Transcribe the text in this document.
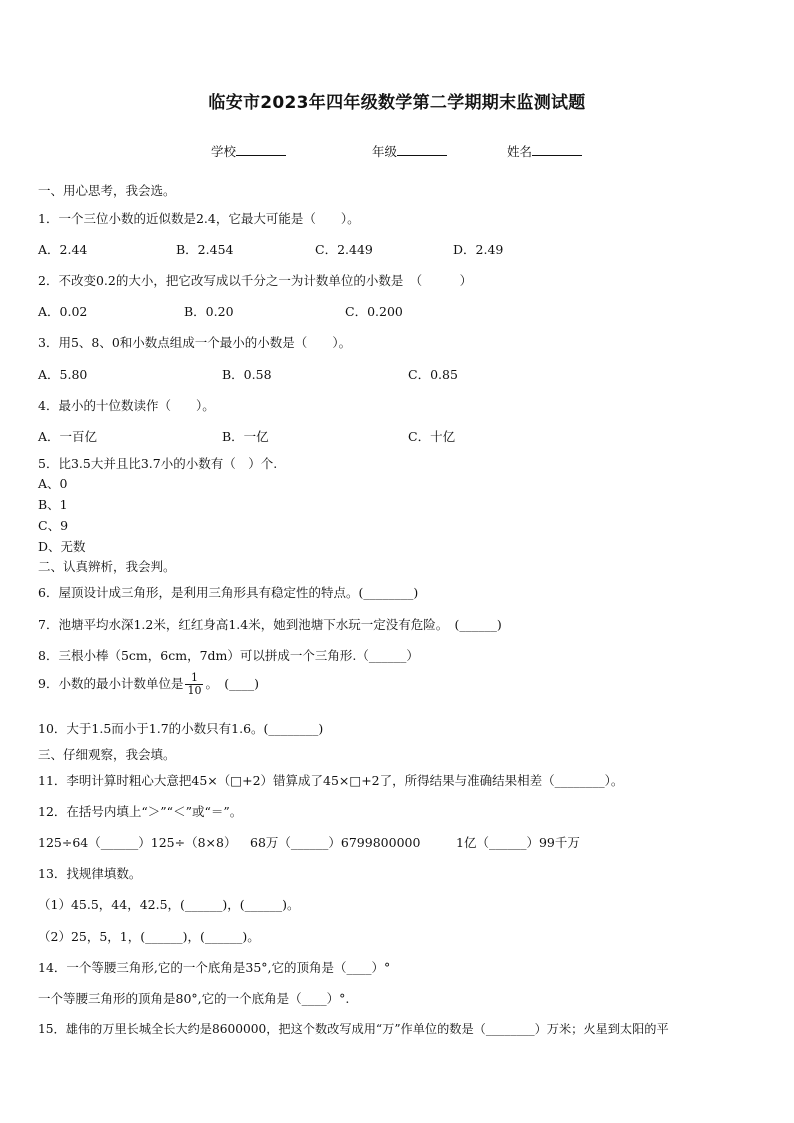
临安市2023年四年级数学第二学期期末监测试题
学校	年级	姓名
一、用心思考，我会选。
1．一个三位小数的近似数是2.4，它最大可能是（　　）。
A．2.44	B．2.454	C．2.449	D．2.49
2．不改变0.2的大小，把它改写成以千分之一为计数单位的小数是　（　　　）
A．0.02	B．0.20	C．0.200
3．用5、8、0和小数点组成一个最小的小数是（　　）。
A．5.80	B．0.58	C．0.85
4．最小的十位数读作（　　）。
A．一百亿	B．一亿	C．十亿
5．比3.5大并且比3.7小的小数有（　）个.
A、0
B、1
C、9
D、无数
二、认真辨析，我会判。
6．屋顶设计成三角形，是利用三角形具有稳定性的特点。(________)
7．池塘平均水深1.2米，红红身高1.4米，她到池塘下水玩一定没有危险。　(______)
8．三根小棒（5cm，6cm，7dm）可以拼成一个三角形.（______）
9．小数的最小计数单位是 $\frac{1}{10}$ 。　(____)
10．大于1.5而小于1.7的小数只有1.6。(________)
三、仔细观察，我会填。
11．李明计算时粗心大意把45×（□+2）错算成了45×□+2了，所得结果与准确结果相差（________）。
12．在括号内填上“＞”“＜”或“＝”。
125÷64（______）125÷（8×8） 68万（______）6799800000	1亿（______）99千万
13．找规律填数。
（1）45.5，44，42.5，(______)，(______)。
（2）25，5，1，(______)，(______)。
14．一个等腰三角形,它的一个底角是35°,它的顶角是（____）°
一个等腰三角形的顶角是80°,它的一个底角是（____）°.
15．雄伟的万里长城全长大约是8600000，把这个数改写成用“万”作单位的数是（________）万米；火星到太阳的平
